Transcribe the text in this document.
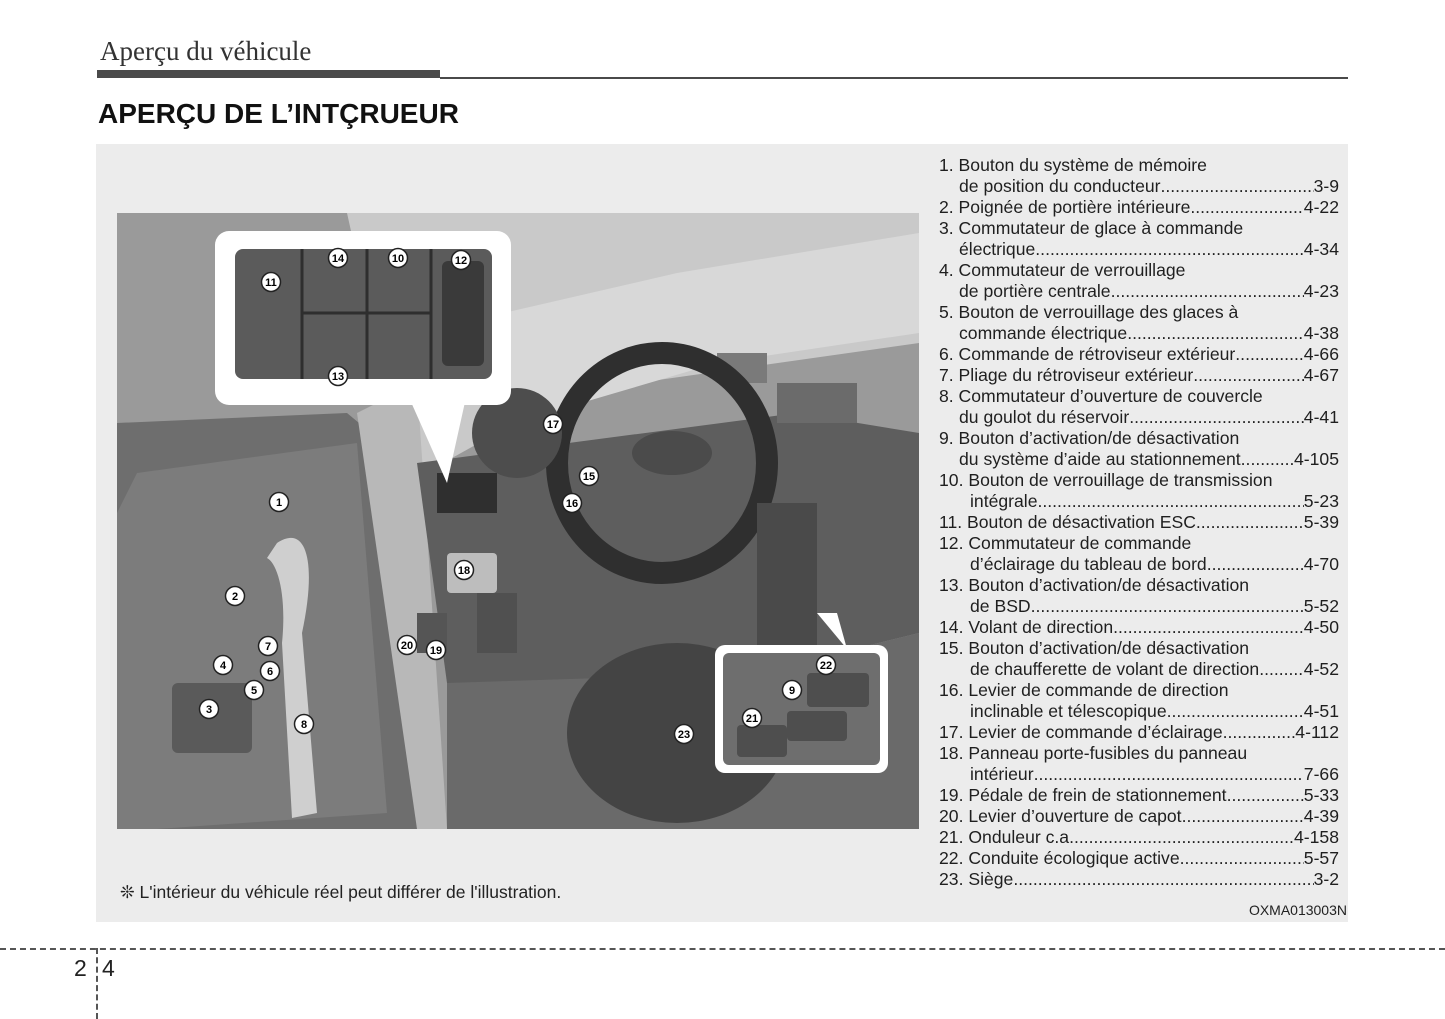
Aperçu du véhicule
APERÇU DE L’INTÇRUEUR
11
14	10	12
13
17
15
16
1
18
2
20 19
7
4	6
5
3
8
22
9
21
23
❊ L'intérieur du véhicule réel peut différer de l'illustration.
1. Bouton du système de mémoire
de position du conducteur .....	3-9
2. Poignée de portière intérieure .....	4-22
3. Commutateur de glace à commande
électrique .....	4-34
4. Commutateur de verrouillage
de portière centrale .....	4-23
5. Bouton de verrouillage des glaces à
commande électrique .....	4-38
6. Commande de rétroviseur extérieur .....	4-66
7. Pliage du rétroviseur extérieur .....	4-67
8. Commutateur d’ouverture de couvercle
du goulot du réservoir .....	4-41
9. Bouton d’activation/de désactivation
du système d’aide au stationnement .....	4-105
10. Bouton de verrouillage de transmission
intégrale .....	5-23
11. Bouton de désactivation ESC .....	5-39
12. Commutateur de commande
d’éclairage du tableau de bord .....	4-70
13. Bouton d’activation/de désactivation
de BSD .....	5-52
14. Volant de direction .....	4-50
15. Bouton d’activation/de désactivation
de chaufferette de volant de direction .....	4-52
16. Levier de commande de direction
inclinable et télescopique .....	4-51
17. Levier de commande d’éclairage .....	4-112
18. Panneau porte-fusibles du panneau
intérieur .....	7-66
19. Pédale de frein de stationnement .....	5-33
20. Levier d’ouverture de capot .....	4-39
21. Onduleur c.a. .....	4-158
22. Conduite écologique active .....	5-57
23. Siège .....	3-2
OXMA013003N
2 4
